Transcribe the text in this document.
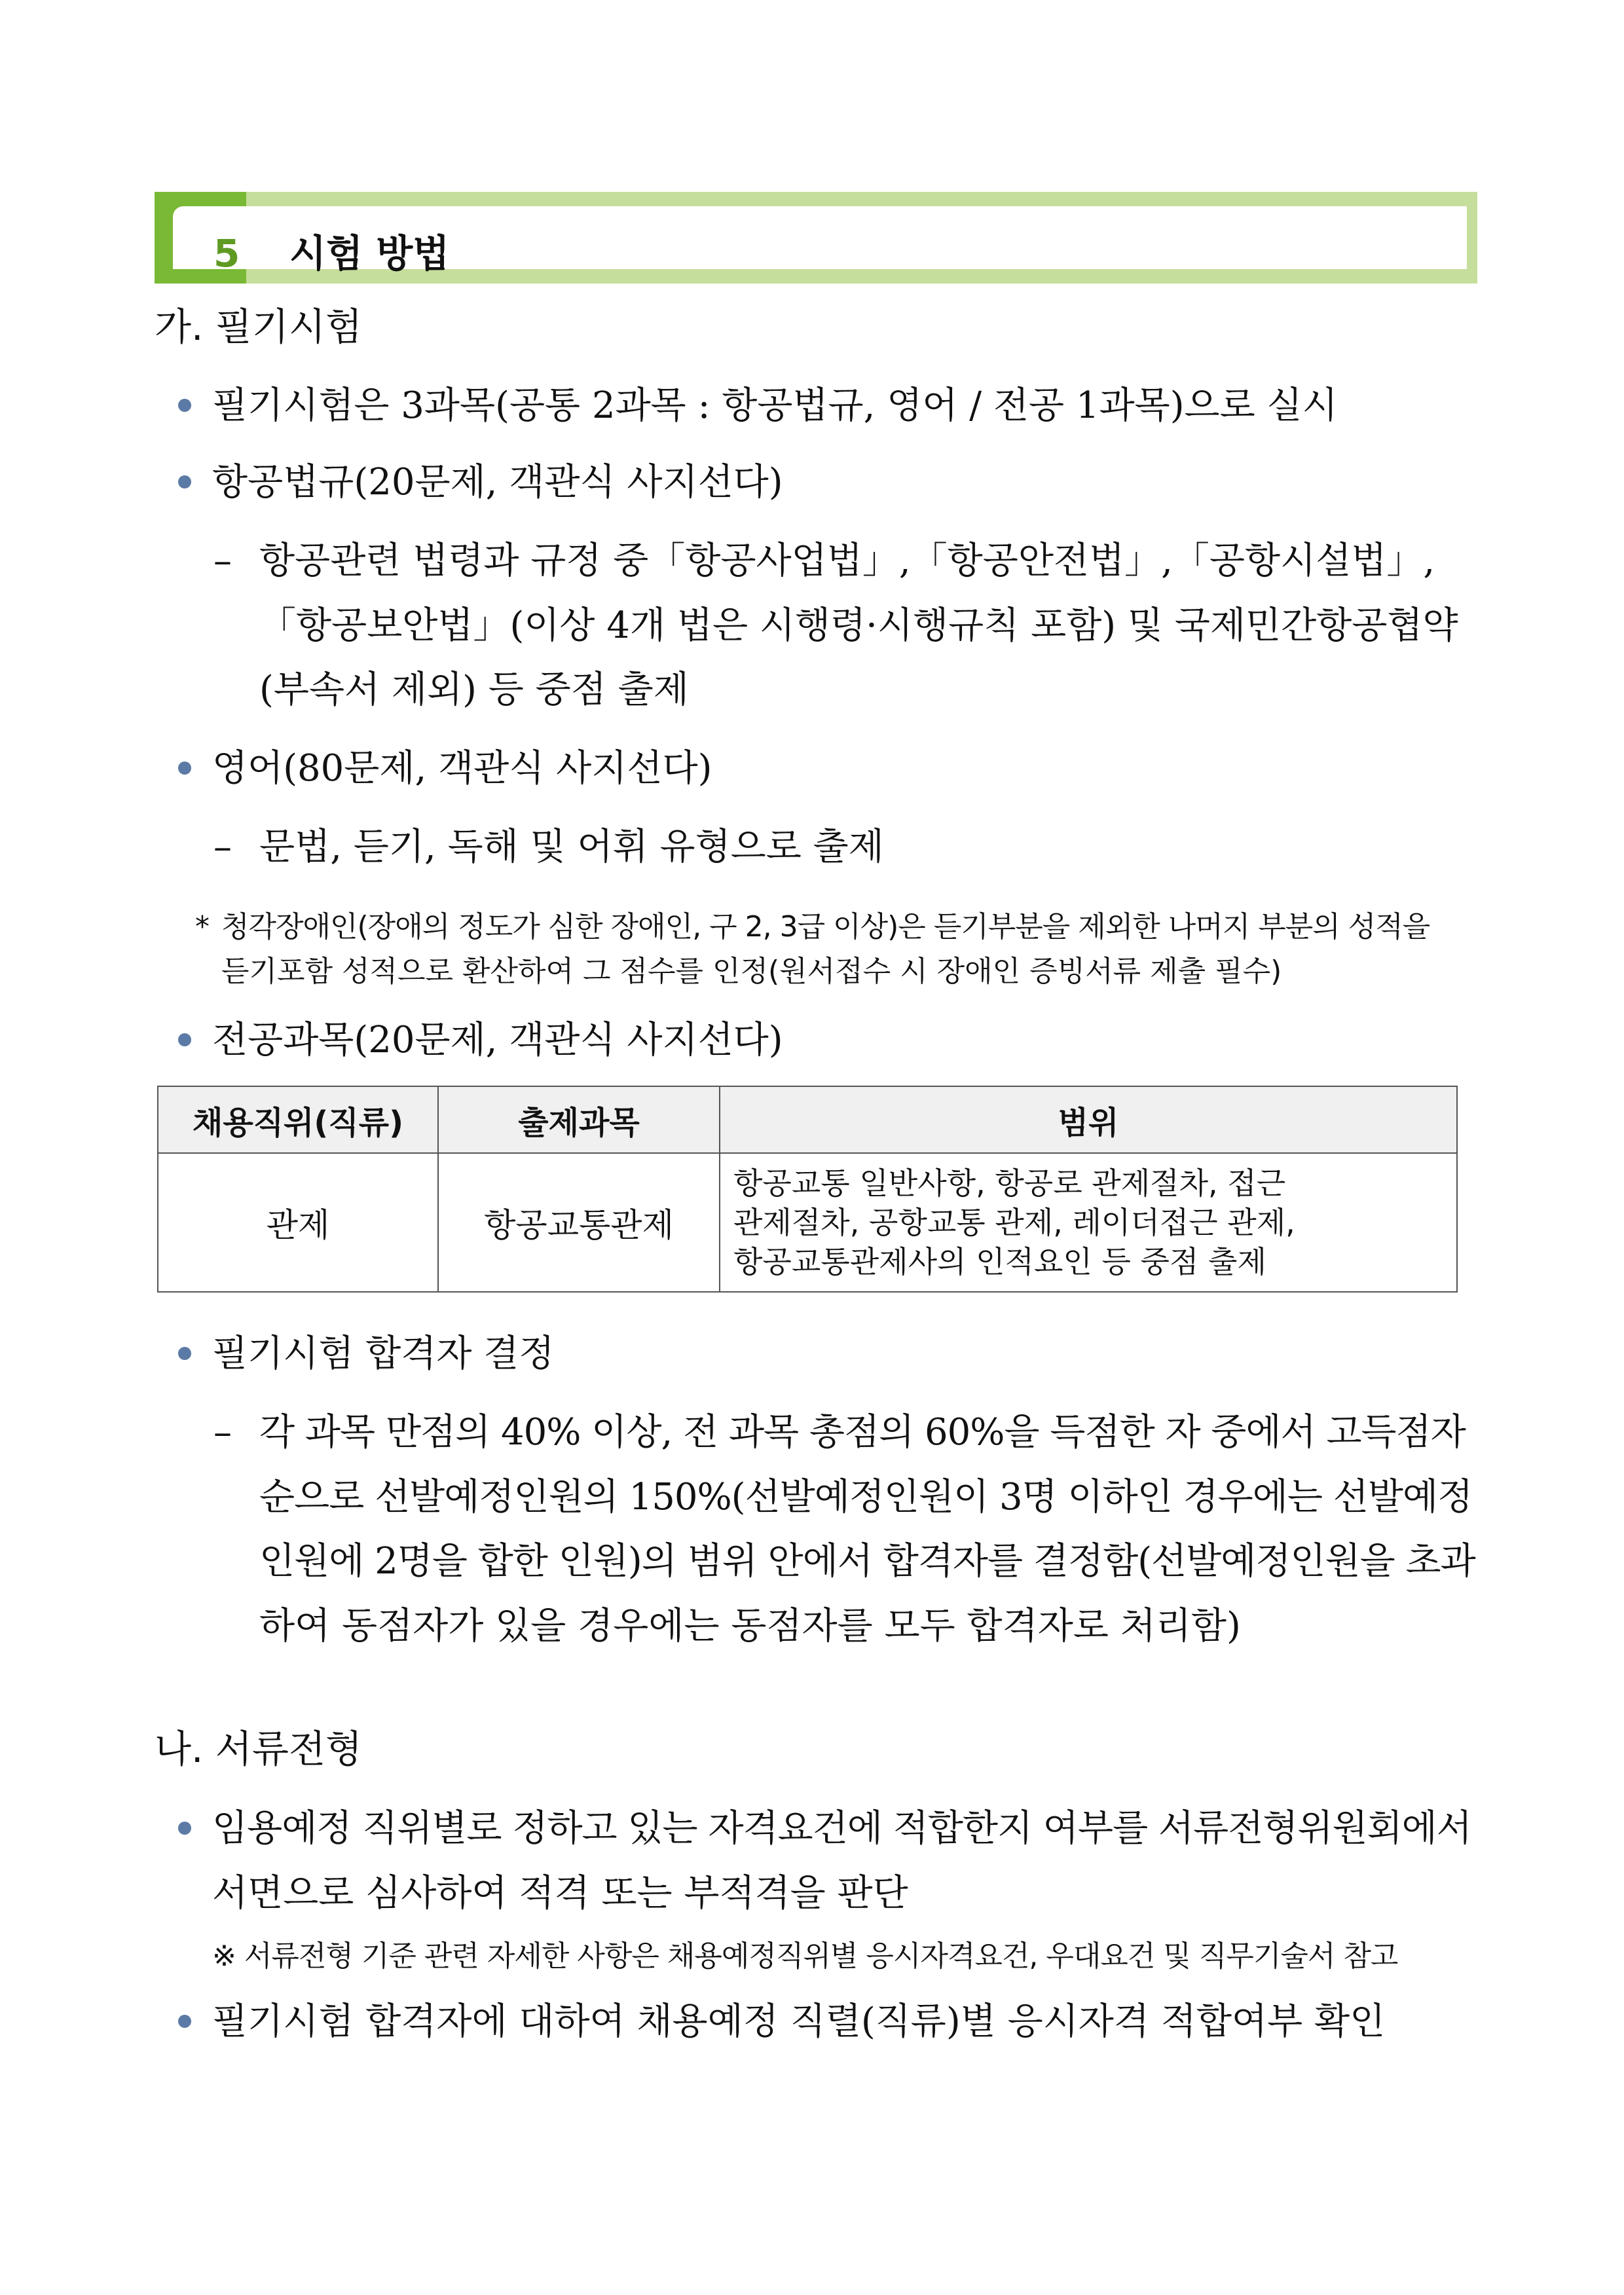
5 시험 방법
가. 필기시험
필기시험은 3과목(공통 2과목 : 항공법규, 영어 / 전공 1과목)으로 실시
항공법규(20문제, 객관식 사지선다)
– 항공관련 법령과 규정 중「항공사업법」,「항공안전법」,「공항시설법」,
「항공보안법」(이상 4개 법은 시행령·시행규칙 포함) 및 국제민간항공협약
(부속서 제외) 등 중점 출제
영어(80문제, 객관식 사지선다)
– 문법, 듣기, 독해 및 어휘 유형으로 출제
* 청각장애인(장애의 정도가 심한 장애인, 구 2, 3급 이상)은 듣기부분을 제외한 나머지 부분의 성적을
듣기포함 성적으로 환산하여 그 점수를 인정(원서접수 시 장애인 증빙서류 제출 필수)
전공과목(20문제, 객관식 사지선다)
채용직위(직류)	출제과목	범위
관제	항공교통관제	항공교통 일반사항, 항공로 관제절차, 접근
관제절차, 공항교통 관제, 레이더접근 관제,
항공교통관제사의 인적요인 등 중점 출제
필기시험 합격자 결정
– 각 과목 만점의 40% 이상, 전 과목 총점의 60%을 득점한 자 중에서 고득점자
순으로 선발예정인원의 150%(선발예정인원이 3명 이하인 경우에는 선발예정
인원에 2명을 합한 인원)의 범위 안에서 합격자를 결정함(선발예정인원을 초과
하여 동점자가 있을 경우에는 동점자를 모두 합격자로 처리함)
나. 서류전형
임용예정 직위별로 정하고 있는 자격요건에 적합한지 여부를 서류전형위원회에서
서면으로 심사하여 적격 또는 부적격을 판단
※ 서류전형 기준 관련 자세한 사항은 채용예정직위별 응시자격요건, 우대요건 및 직무기술서 참고
필기시험 합격자에 대하여 채용예정 직렬(직류)별 응시자격 적합여부 확인
